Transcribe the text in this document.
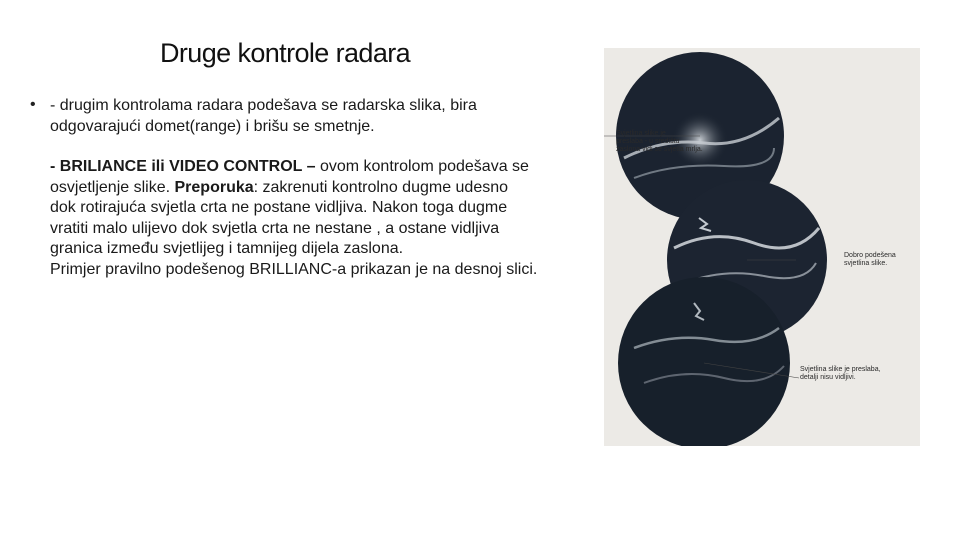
Druge kontrole radara
• - drugim kontrolama radara podešava se radarska slika, bira
odgovarajući domet(range) i brišu se smetnje.

- BRILIANCE ili VIDEO CONTROL – ovom kontrolom podešava se
osvjetljenje slike. Preporuka: zakrenuti kontrolno dugme udesno
dok rotirajuća svjetla crta ne postane vidljiva. Nakon toga dugme
vratiti malo ulijevo dok svjetla crta ne nestane , a ostane vidljiva
granica između svjetlijeg i tamnijeg dijela zaslona.
Primjer pravilno podešenog BRILLIANC-a prikazan je na desnoj slici.

Svjetlina slike je
preslaba - u središtu
zaslona vidi se svjetla mrlja.
Dobro podešena
svjetlina slike.
Svjetlina slike je preslaba,
detalji nisu vidljivi.
